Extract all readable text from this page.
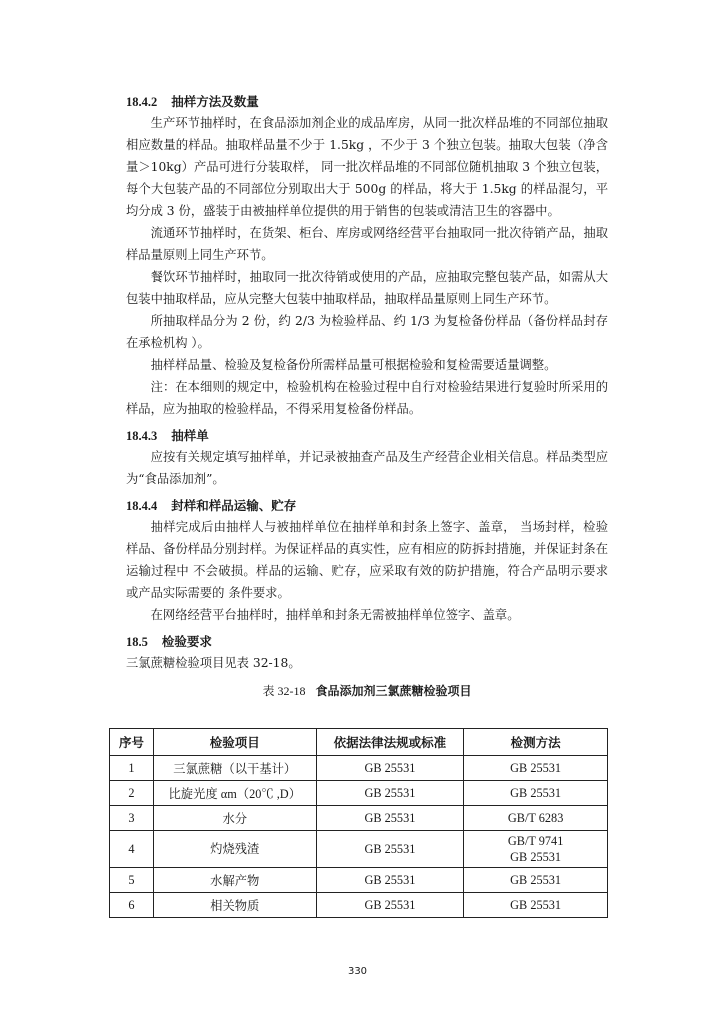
18.4.2 抽样方法及数量

生产环节抽样时，在食品添加剂企业的成品库房，从同一批次样品堆的不同部位抽取相应数量的样品。抽取样品量不少于 1.5kg ，不少于 3 个独立包装。抽取大包装（净含量＞10kg）产品可进行分装取样， 同一批次样品堆的不同部位随机抽取 3 个独立包装，每个大包装产品的不同部位分别取出大于 500g 的样品，将大于 1.5kg 的样品混匀，平均分成 3 份，盛装于由被抽样单位提供的用于销售的包装或清洁卫生的容器中。

流通环节抽样时，在货架、柜台、库房或网络经营平台抽取同一批次待销产品，抽取样品量原则上同生产环节。

餐饮环节抽样时，抽取同一批次待销或使用的产品，应抽取完整包装产品，如需从大包装中抽取样品，应从完整大包装中抽取样品，抽取样品量原则上同生产环节。

所抽取样品分为 2 份，约 2/3 为检验样品、约 1/3 为复检备份样品（备份样品封存在承检机构 ）。

抽样样品量、检验及复检备份所需样品量可根据检验和复检需要适量调整。

注：在本细则的规定中，检验机构在检验过程中自行对检验结果进行复验时所采用的样品，应为抽取的检验样品，不得采用复检备份样品。

18.4.3 抽样单

应按有关规定填写抽样单，并记录被抽查产品及生产经营企业相关信息。样品类型应为“食品添加剂”。

18.4.4 封样和样品运输、贮存

抽样完成后由抽样人与被抽样单位在抽样单和封条上签字、盖章， 当场封样，检验样品、备份样品分别封样。为保证样品的真实性，应有相应的防拆封措施，并保证封条在运输过程中 不会破损。样品的运输、贮存，应采取有效的防护措施，符合产品明示要求或产品实际需要的 条件要求。

在网络经营平台抽样时，抽样单和封条无需被抽样单位签字、盖章。

18.5 检验要求

三氯蔗糖检验项目见表 32-18。

表 32-18 食品添加剂三氯蔗糖检验项目
序号	检验项目	依据法律法规或标准	检测方法
1	三氯蔗糖（以干基计）	GB 25531	GB 25531
2	比旋光度 αm（20℃ ,D）	GB 25531	GB 25531
3	水分	GB 25531	GB/T 6283
4	灼烧残渣	GB 25531	GB/T 9741
GB 25531

5	水解产物	GB 25531	GB 25531
6	相关物质	GB 25531	GB 25531
330
